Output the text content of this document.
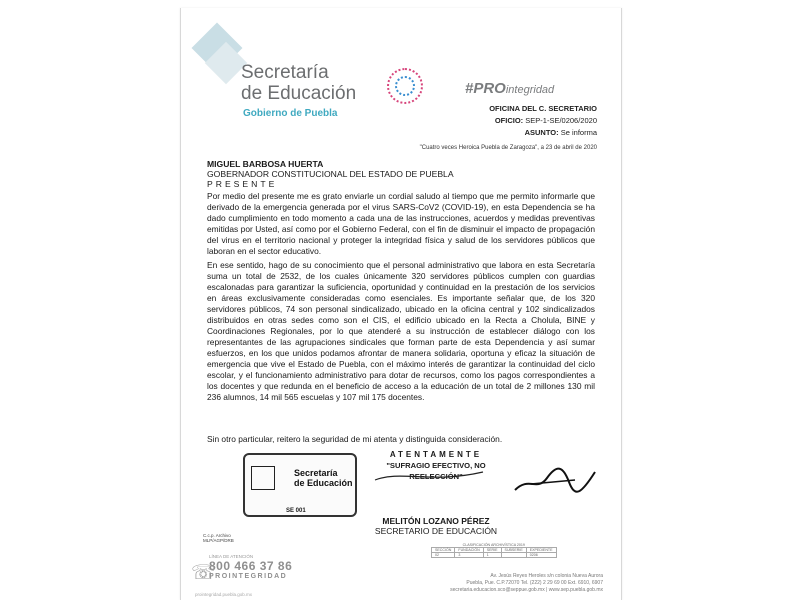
Secretaría
de Educación
Gobierno de Puebla
#PROintegridad
OFICINA DEL C. SECRETARIO
OFICIO: SEP-1-SE/0206/2020
ASUNTO: Se informa
"Cuatro veces Heroica Puebla de Zaragoza", a 23 de abril de 2020
MIGUEL BARBOSA HUERTA
GOBERNADOR CONSTITUCIONAL DEL ESTADO DE PUEBLA
PRESENTE
Por medio del presente me es grato enviarle un cordial saludo al tiempo que me permito informarle que derivado de la emergencia generada por el virus SARS-CoV2 (COVID-19), en esta Dependencia se ha dado cumplimiento en todo momento a cada una de las instrucciones, acuerdos y medidas preventivas emitidas por Usted, así como por el Gobierno Federal, con el fin de disminuir el impacto de propagación del virus en el territorio nacional y proteger la integridad física y salud de los servidores públicos que laboran en el sector educativo.
En ese sentido, hago de su conocimiento que el personal administrativo que labora en esta Secretaría suma un total de 2532, de los cuales únicamente 320 servidores públicos cumplen con guardias escalonadas para garantizar la suficiencia, oportunidad y continuidad en la prestación de los servicios en áreas exclusivamente consideradas como esenciales. Es importante señalar que, de los 320 servidores públicos, 74 son personal sindicalizado, ubicado en la oficina central y 102 sindicalizados distribuidos en otras sedes como son el CIS, el edificio ubicado en la Recta a Cholula, BINE y Coordinaciones Regionales, por lo que atenderé a su instrucción de establecer diálogo con los representantes de las agrupaciones sindicales que forman parte de esta Dependencia y así sumar esfuerzos, en los que unidos podamos afrontar de manera solidaria, oportuna y eficaz la situación de emergencia que vive el Estado de Puebla, con el máximo interés de garantizar la continuidad del ciclo escolar, y el funcionamiento administrativo para dotar de recursos, como los pagos correspondientes a los docentes y que redunda en el beneficio de acceso a la educación de un total de 2 millones 130 mil 236 alumnos, 14 mil 565 escuelas y 107 mil 175 docentes.
Sin otro particular, reitero la seguridad de mi atenta y distinguida consideración.
ATENTAMENTE
"SUFRAGIO EFECTIVO, NO REELECCIÓN"
Secretaría
de Educación
SE 001
MELITÓN LOZANO PÉREZ
SECRETARIO DE EDUCACIÓN
C.c.p. Archivo
MLP/AGP/DRB
☏
LÍNEA DE ATENCIÓN
800 466 37 86
PROINTEGRIDAD
prointegridad.puebla.gob.mx
CLASIFICACIÓN ARCHIVÍSTICA 2019
SECCIÓN	FUNDACIÓN	SERIE	SUBSERIE	EXPEDIENTE
02	3	1		0206
Av. Jesús Reyes Heroles s/n colonia Nueva Aurora
Puebla, Pue. C.P.72070 Tel. (222) 2 29 69 00 Ext. 6910, 6907
secretaria.educacion.sco@seppue.gob.mx | www.sep.puebla.gob.mx
